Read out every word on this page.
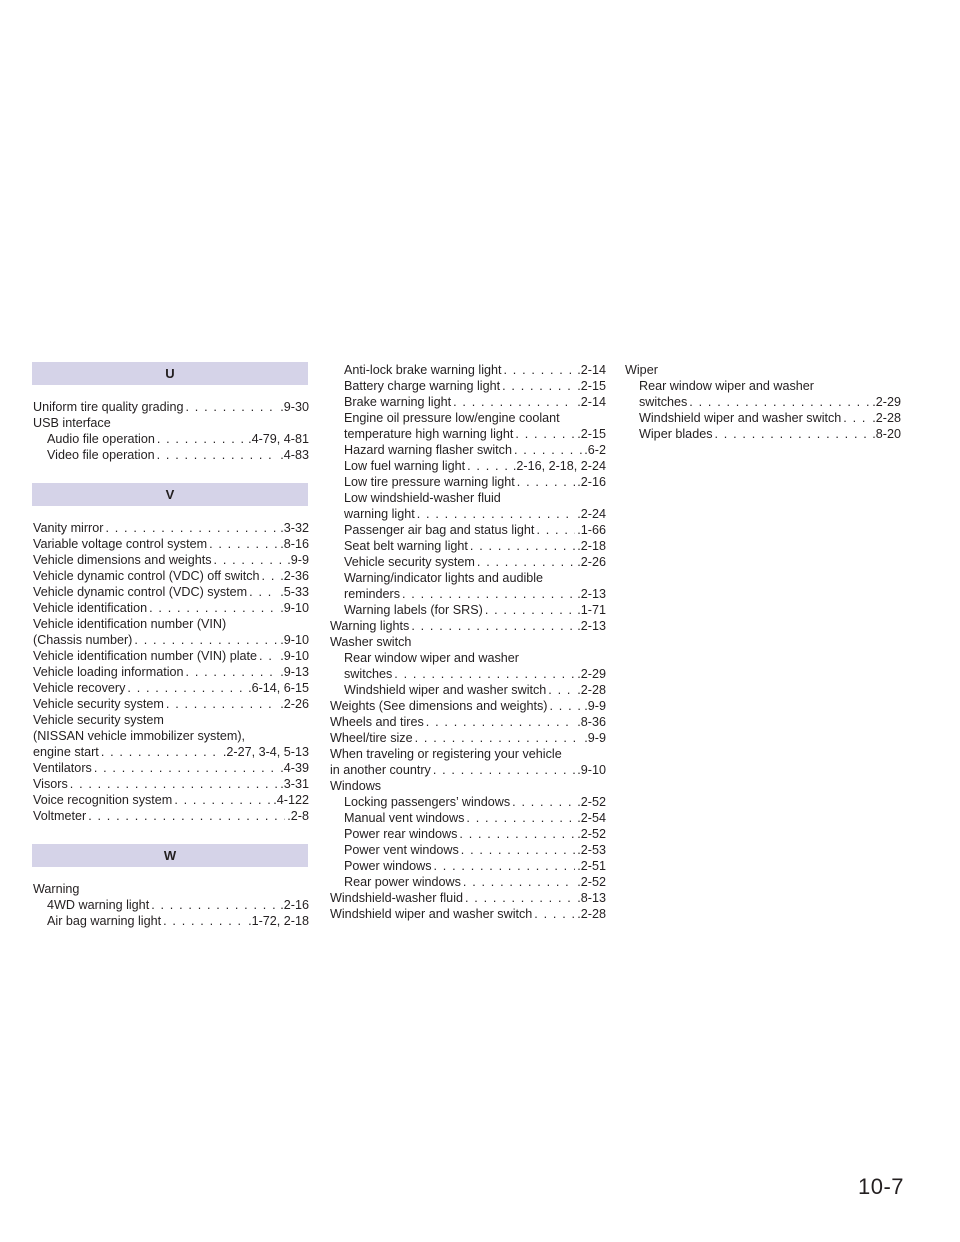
U
Uniform tire quality grading . . .	.9-30
USB interface
Audio file operation . . .	.4-79, 4-81
Video file operation . . .	.4-83
V
Vanity mirror . . .	.3-32
Variable voltage control system . . .	.8-16
Vehicle dimensions and weights . . .	.9-9
Vehicle dynamic control (VDC) off switch . . . .2-36
Vehicle dynamic control (VDC) system . . .	.5-33
Vehicle identification . . .	.9-10
Vehicle identification number (VIN)
(Chassis number) . . .	.9-10
Vehicle identification number (VIN) plate . . . .9-10
Vehicle loading information . . .	.9-13
Vehicle recovery . . .	.6-14, 6-15
Vehicle security system . . .	.2-26
Vehicle security system
(NISSAN vehicle immobilizer system),
engine start . . .	.2-27, 3-4, 5-13
Ventilators . . .	.4-39
Visors . . .	.3-31
Voice recognition system . . .	.4-122
Voltmeter . . .	.2-8
W
Warning
4WD warning light . . .	.2-16
Air bag warning light . . .	.1-72, 2-18
Anti-lock brake warning light . . .	.2-14
Battery charge warning light . . .	.2-15
Brake warning light . . .	.2-14
Engine oil pressure low/engine coolant
temperature high warning light . . .	.2-15
Hazard warning flasher switch . . .	.6-2
Low fuel warning light . . .	.2-16, 2-18, 2-24
Low tire pressure warning light . . .	.2-16
Low windshield-washer fluid
warning light . . .	.2-24
Passenger air bag and status light . . .	.1-66
Seat belt warning light . . .	.2-18
Vehicle security system . . .	.2-26
Warning/indicator lights and audible
reminders . . .	.2-13
Warning labels (for SRS) . . .	.1-71
Warning lights . . .	.2-13
Washer switch
Rear window wiper and washer
switches . . .	.2-29
Windshield wiper and washer switch . . . .2-28
Weights (See dimensions and weights) . . .	.9-9
Wheels and tires . . .	.8-36
Wheel/tire size . . .	.9-9
When traveling or registering your vehicle
in another country . . .	.9-10
Windows
Locking passengers’ windows . . .	.2-52
Manual vent windows . . .	.2-54
Power rear windows . . .	.2-52
Power vent windows . . .	.2-53
Power windows . . .	.2-51
Rear power windows . . .	.2-52
Windshield-washer fluid . . .	.8-13
Windshield wiper and washer switch . . .	.2-28
Wiper
Rear window wiper and washer
switches . . .	.2-29
Windshield wiper and washer switch . . . .2-28
Wiper blades . . .	.8-20
10-7
